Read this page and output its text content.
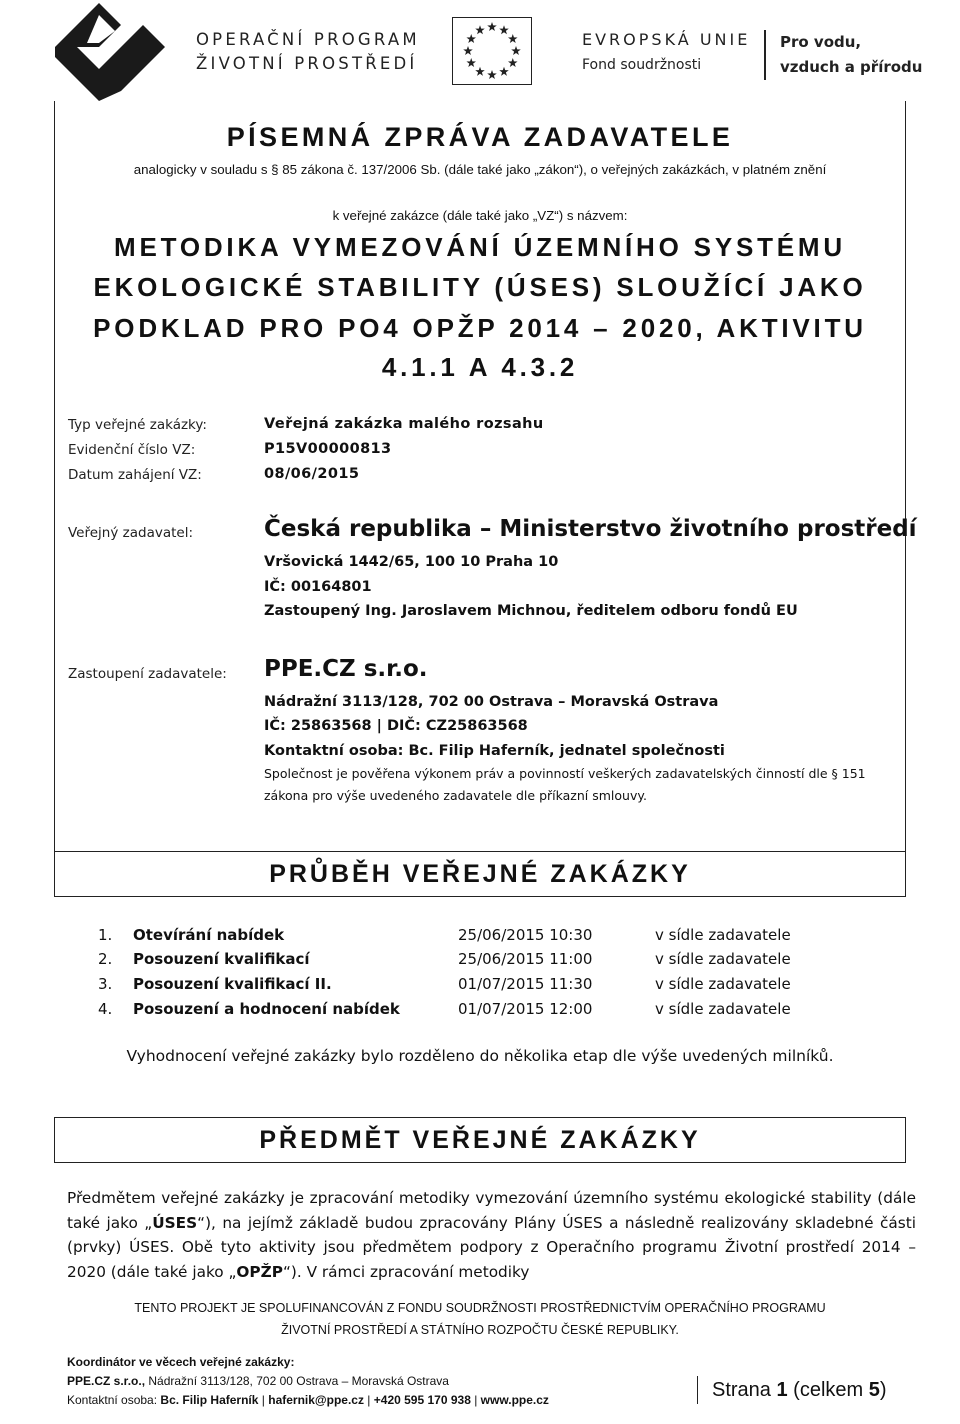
OPERAČNÍ PROGRAM
ŽIVOTNÍ PROSTŘEDÍ
EVROPSKÁ UNIE
Fond soudržnosti
Pro vodu,
vzduch a přírodu
PÍSEMNÁ ZPRÁVA ZADAVATELE
analogicky v souladu s § 85 zákona č. 137/2006 Sb. (dále také jako „zákon“), o veřejných zakázkách, v platném znění
k veřejné zakázce (dále také jako „VZ“) s názvem:
METODIKA VYMEZOVÁNÍ ÚZEMNÍHO SYSTÉMU
EKOLOGICKÉ STABILITY (ÚSES) SLOUŽÍCÍ JAKO
PODKLAD PRO PO4 OPŽP 2014 – 2020, AKTIVITU
4.1.1 A 4.3.2
Typ veřejné zakázky:	Veřejná zakázka malého rozsahu
Evidenční číslo VZ:	P15V00000813
Datum zahájení VZ:	08/06/2015
Veřejný zadavatel:	Česká republika – Ministerstvo životního prostředí
Vršovická 1442/65, 100 10 Praha 10
IČ: 00164801
Zastoupený Ing. Jaroslavem Michnou, ředitelem odboru fondů EU
Zastoupení zadavatele: PPE.CZ s.r.o.
Nádražní 3113/128, 702 00 Ostrava – Moravská Ostrava
IČ: 25863568 | DIČ: CZ25863568
Kontaktní osoba: Bc. Filip Haferník, jednatel společnosti
Společnost je pověřena výkonem práv a povinností veškerých zadavatelských činností dle § 151
zákona pro výše uvedeného zadavatele dle příkazní smlouvy.
PRŮBĚH VEŘEJNÉ ZAKÁZKY
1. Otevírání nabídek	25/06/2015 10:30	v sídle zadavatele
2. Posouzení kvalifikací	25/06/2015 11:00	v sídle zadavatele
3. Posouzení kvalifikací II.	01/07/2015 11:30	v sídle zadavatele
4. Posouzení a hodnocení nabídek	01/07/2015 12:00	v sídle zadavatele
Vyhodnocení veřejné zakázky bylo rozděleno do několika etap dle výše uvedených milníků.
PŘEDMĚT VEŘEJNÉ ZAKÁZKY
Předmětem veřejné zakázky je zpracování metodiky vymezování územního systému ekologické stability (dále také jako „ÚSES“), na jejímž základě budou zpracovány Plány ÚSES a následně realizovány skladebné části (prvky) ÚSES. Obě tyto aktivity jsou předmětem podpory z Operačního programu Životní prostředí 2014 – 2020 (dále také jako „OPŽP“). V rámci zpracování metodiky
TENTO PROJEKT JE SPOLUFINANCOVÁN Z FONDU SOUDRŽNOSTI PROSTŘEDNICTVÍM OPERAČNÍHO PROGRAMU
ŽIVOTNÍ PROSTŘEDÍ A STÁTNÍHO ROZPOČTU ČESKÉ REPUBLIKY.
Koordinátor ve věcech veřejné zakázky:
PPE.CZ s.r.o., Nádražní 3113/128, 702 00 Ostrava – Moravská Ostrava
Kontaktní osoba: Bc. Filip Haferník | hafernik@ppe.cz | +420 595 170 938 | www.ppe.cz	Strana 1 (celkem 5)
